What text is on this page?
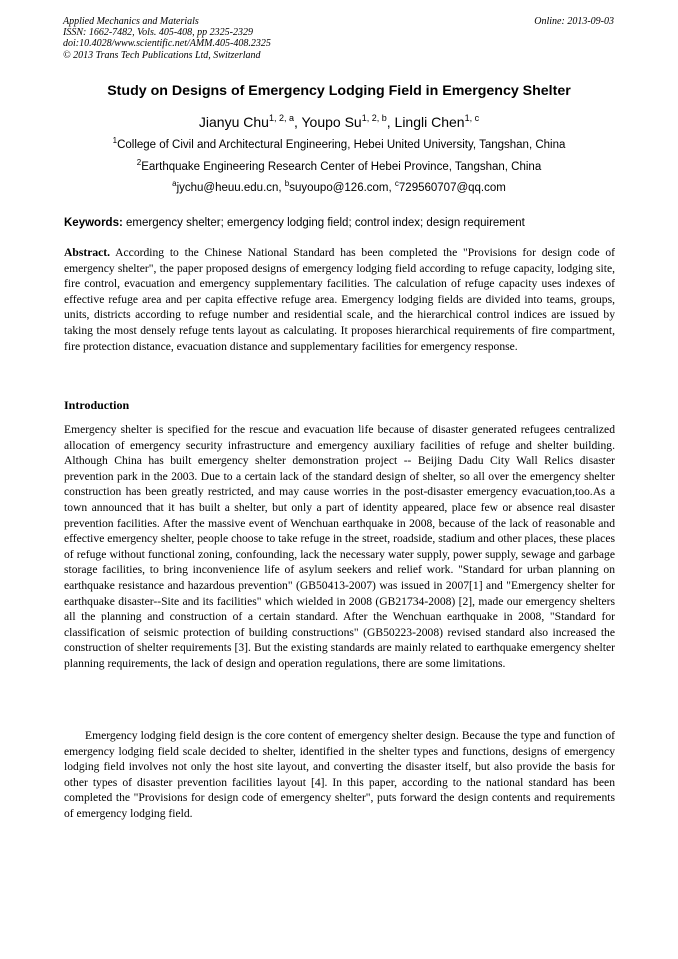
Applied Mechanics and Materials
ISSN: 1662-7482, Vols. 405-408, pp 2325-2329
doi:10.4028/www.scientific.net/AMM.405-408.2325
© 2013 Trans Tech Publications Ltd, Switzerland
Online: 2013-09-03
Study on Designs of Emergency Lodging Field in Emergency Shelter
Jianyu Chu$^{1, 2, a}$, Youpo Su$^{1, 2, b}$, Lingli Chen$^{1, c}$
$^1$College of Civil and Architectural Engineering, Hebei United University, Tangshan, China
$^2$Earthquake Engineering Research Center of Hebei Province, Tangshan, China
$^a$jychu@heuu.edu.cn, $^b$suyoupo@126.com, $^c$729560707@qq.com
Keywords: emergency shelter; emergency lodging field; control index; design requirement
Abstract. According to the Chinese National Standard has been completed the "Provisions for design code of emergency shelter", the paper proposed designs of emergency lodging field according to refuge capacity, lodging site, fire control, evacuation and emergency supplementary facilities. The calculation of refuge capacity uses indexes of effective refuge area and per capita effective refuge area. Emergency lodging fields are divided into teams, groups, units, districts according to refuge number and residential scale, and the hierarchical control indices are issued by taking the most densely refuge tents layout as calculating. It proposes hierarchical requirements of fire compartment, fire protection distance, evacuation distance and supplementary facilities for emergency response.
Introduction
Emergency shelter is specified for the rescue and evacuation life because of disaster generated refugees centralized allocation of emergency security infrastructure and emergency auxiliary facilities of refuge and shelter building. Although China has built emergency shelter demonstration project -- Beijing Dadu City Wall Relics disaster prevention park in the 2003. Due to a certain lack of the standard design of shelter, so all over the emergency shelter construction has been greatly restricted, and may cause worries in the post-disaster emergency evacuation,too.As a town announced that it has built a shelter, but only a part of identity appeared, place few or absence real disaster prevention facilities. After the massive event of Wenchuan earthquake in 2008, because of the lack of reasonable and effective emergency shelter, people choose to take refuge in the street, roadside, stadium and other places, these places of refuge without functional zoning, confounding, lack the necessary water supply, power supply, sewage and garbage storage facilities, to bring inconvenience life of asylum seekers and relief work. "Standard for urban planning on earthquake resistance and hazardous prevention" (GB50413-2007) was issued in 2007[1] and "Emergency shelter for earthquake disaster--Site and its facilities" which wielded in 2008 (GB21734-2008) [2], made our emergency shelters all the planning and construction of a certain standard. After the Wenchuan earthquake in 2008, "Standard for classification of seismic protection of building constructions" (GB50223-2008) revised standard also increased the construction of shelter requirements [3]. But the existing standards are mainly related to earthquake emergency shelter planning requirements, the lack of design and operation regulations, there are some limitations.
Emergency lodging field design is the core content of emergency shelter design. Because the type and function of emergency lodging field scale decided to shelter, identified in the shelter types and functions, designs of emergency lodging field involves not only the host site layout, and converting the disaster itself, but also provide the basis for other types of disaster prevention facilities layout [4]. In this paper, according to the national standard has been completed the "Provisions for design code of emergency shelter", puts forward the design contents and requirements of emergency lodging field.
